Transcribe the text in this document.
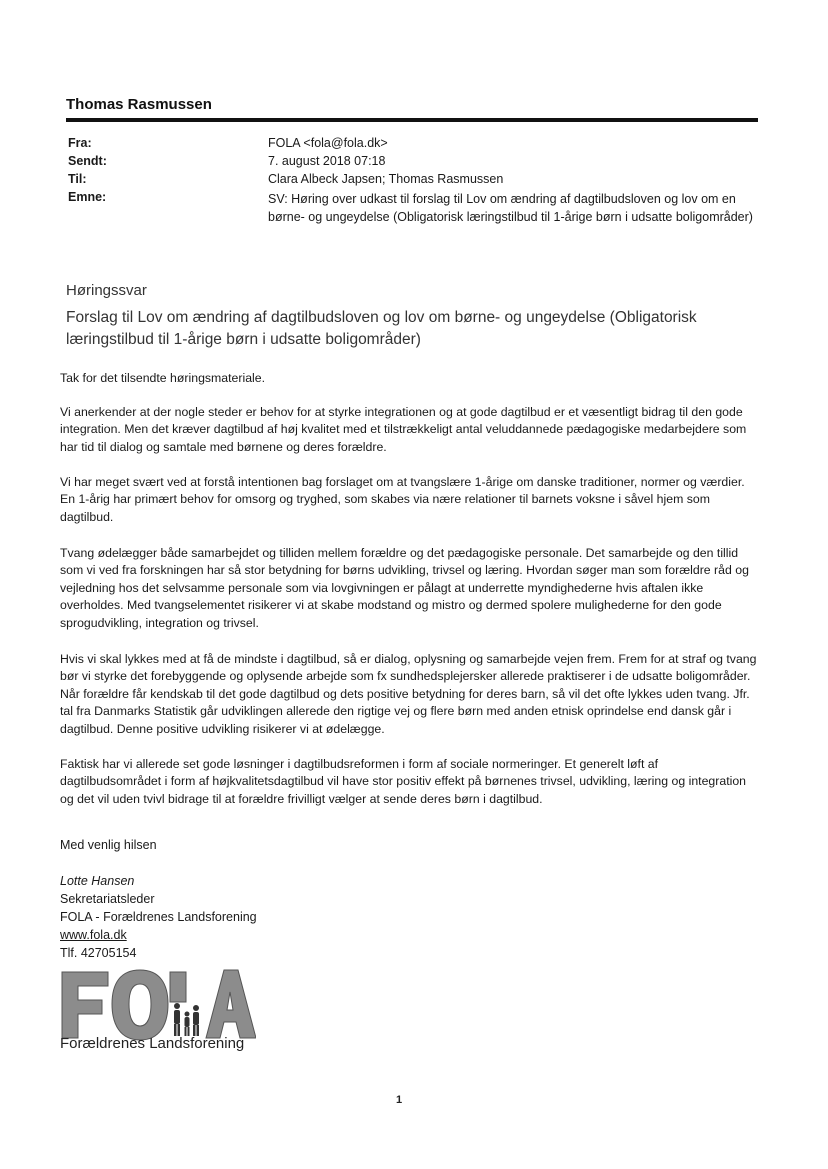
Thomas Rasmussen
Fra:	FOLA <fola@fola.dk>
Sendt:	7. august 2018 07:18
Til:	Clara Albeck Japsen; Thomas Rasmussen
Emne:	SV: Høring over udkast til forslag til Lov om ændring af dagtilbudsloven og lov om en børne- og ungeydelse (Obligatorisk læringstilbud til 1-årige børn i udsatte boligområder)
Høringssvar
Forslag til Lov om ændring af dagtilbudsloven og lov om børne- og ungeydelse (Obligatorisk læringstilbud til 1-årige børn i udsatte boligområder)
Tak for det tilsendte høringsmateriale.
Vi anerkender at der nogle steder er behov for at styrke integrationen og at gode dagtilbud er et væsentligt bidrag til den gode integration. Men det kræver dagtilbud af høj kvalitet med et tilstrækkeligt antal veluddannede pædagogiske medarbejdere som har tid til dialog og samtale med børnene og deres forældre.
Vi har meget svært ved at forstå intentionen bag forslaget om at tvangslære 1-årige om danske traditioner, normer og værdier. En 1-årig har primært behov for omsorg og tryghed, som skabes via nære relationer til barnets voksne i såvel hjem som dagtilbud.
Tvang ødelægger både samarbejdet og tilliden mellem forældre og det pædagogiske personale. Det samarbejde og den tillid som vi ved fra forskningen har så stor betydning for børns udvikling, trivsel og læring. Hvordan søger man som forældre råd og vejledning hos det selvsamme personale som via lovgivningen er pålagt at underrette myndighederne hvis aftalen ikke overholdes. Med tvangselementet risikerer vi at skabe modstand og mistro og dermed spolere mulighederne for den gode sprogudvikling, integration og trivsel.
Hvis vi skal lykkes med at få de mindste i dagtilbud, så er dialog, oplysning og samarbejde vejen frem. Frem for at straf og tvang bør vi styrke det forebyggende og oplysende arbejde som fx sundhedsplejersker allerede praktiserer i de udsatte boligområder. Når forældre får kendskab til det gode dagtilbud og dets positive betydning for deres barn, så vil det ofte lykkes uden tvang. Jfr. tal fra Danmarks Statistik går udviklingen allerede den rigtige vej og flere børn med anden etnisk oprindelse end dansk går i dagtilbud. Denne positive udvikling risikerer vi at ødelægge.
Faktisk har vi allerede set gode løsninger i dagtilbudsreformen i form af sociale normeringer. Et generelt løft af dagtilbudsområdet i form af højkvalitetsdagtilbud vil have stor positiv effekt på børnenes trivsel, udvikling, læring og integration og det vil uden tvivl bidrage til at forældre frivilligt vælger at sende deres børn i dagtilbud.
Med venlig hilsen
Lotte Hansen
Sekretariatsleder
FOLA - Forældrenes Landsforening
www.fola.dk
Tlf. 42705154
Forældrenes Landsforening
1
